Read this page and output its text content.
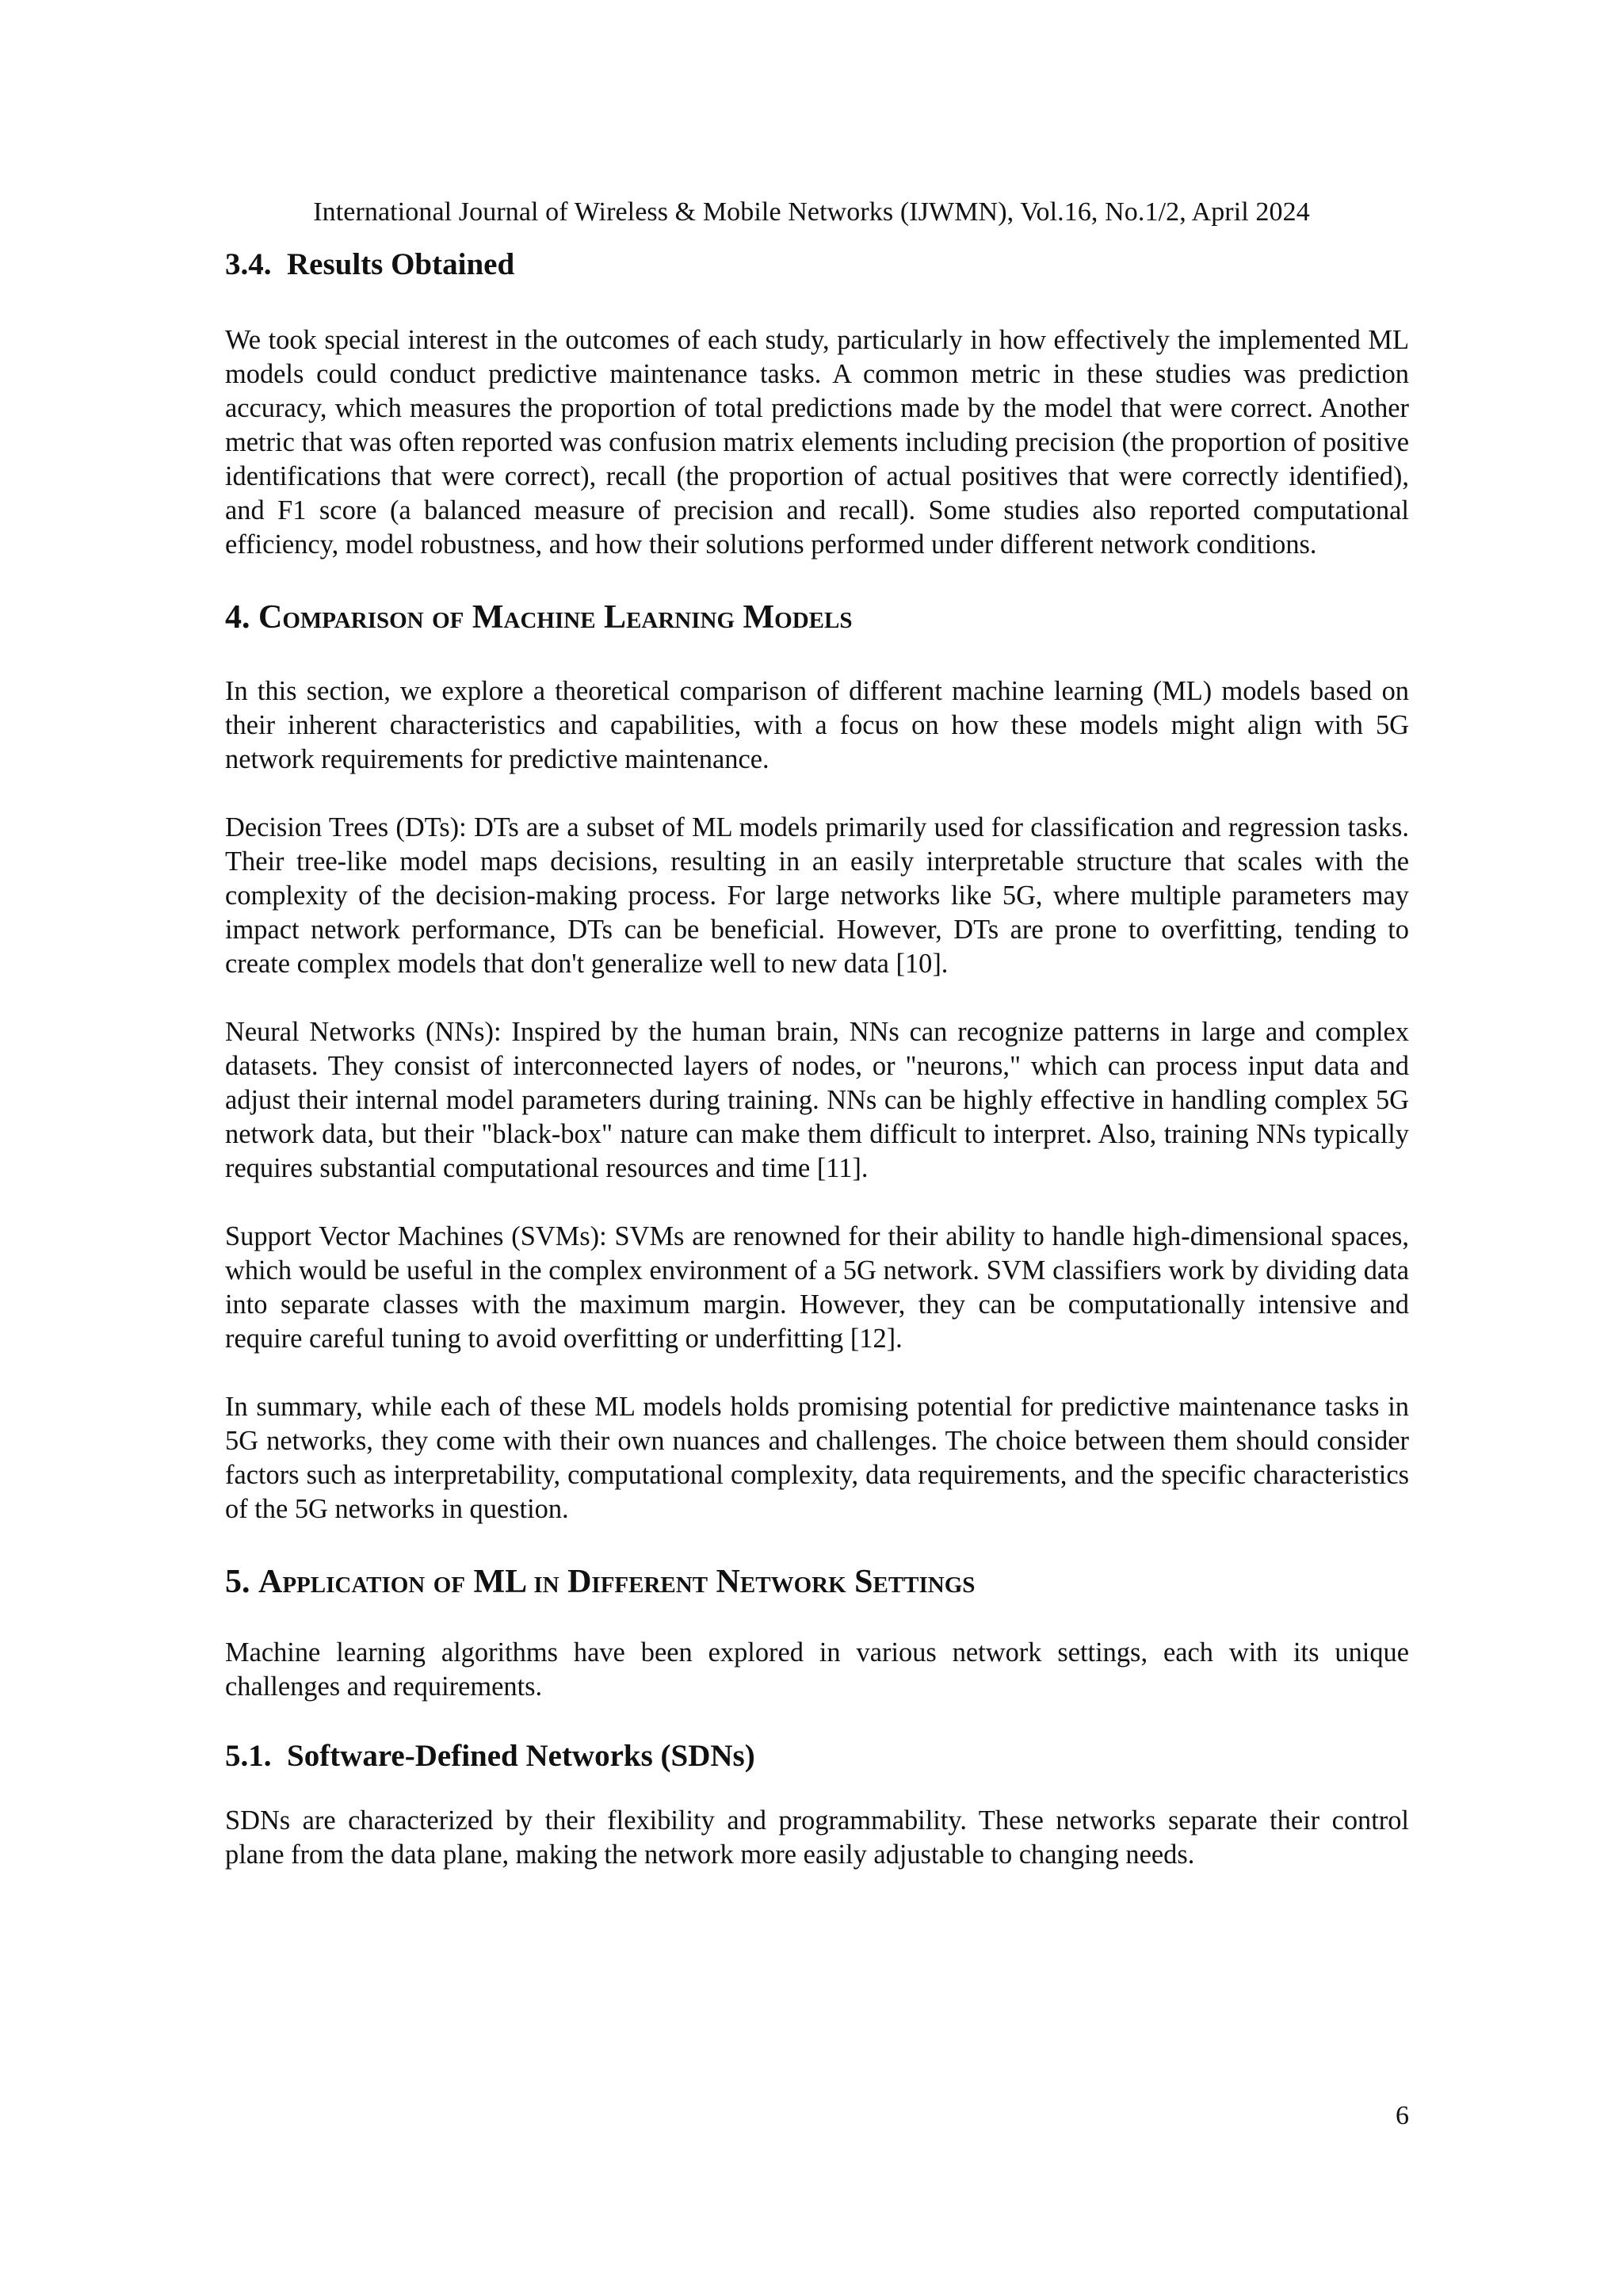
International Journal of Wireless & Mobile Networks (IJWMN), Vol.16, No.1/2, April 2024
3.4. Results Obtained

We took special interest in the outcomes of each study, particularly in how effectively the implemented ML models could conduct predictive maintenance tasks. A common metric in these studies was prediction accuracy, which measures the proportion of total predictions made by the model that were correct. Another metric that was often reported was confusion matrix elements including precision (the proportion of positive identifications that were correct), recall (the proportion of actual positives that were correctly identified), and F1 score (a balanced measure of precision and recall). Some studies also reported computational efficiency, model robustness, and how their solutions performed under different network conditions.

4. Comparison of Machine Learning Models

In this section, we explore a theoretical comparison of different machine learning (ML) models based on their inherent characteristics and capabilities, with a focus on how these models might align with 5G network requirements for predictive maintenance.

Decision Trees (DTs): DTs are a subset of ML models primarily used for classification and regression tasks. Their tree-like model maps decisions, resulting in an easily interpretable structure that scales with the complexity of the decision-making process. For large networks like 5G, where multiple parameters may impact network performance, DTs can be beneficial. However, DTs are prone to overfitting, tending to create complex models that don't generalize well to new data [10].

Neural Networks (NNs): Inspired by the human brain, NNs can recognize patterns in large and complex datasets. They consist of interconnected layers of nodes, or "neurons," which can process input data and adjust their internal model parameters during training. NNs can be highly effective in handling complex 5G network data, but their "black-box" nature can make them difficult to interpret. Also, training NNs typically requires substantial computational resources and time [11].

Support Vector Machines (SVMs): SVMs are renowned for their ability to handle high-dimensional spaces, which would be useful in the complex environment of a 5G network. SVM classifiers work by dividing data into separate classes with the maximum margin. However, they can be computationally intensive and require careful tuning to avoid overfitting or underfitting [12].

In summary, while each of these ML models holds promising potential for predictive maintenance tasks in 5G networks, they come with their own nuances and challenges. The choice between them should consider factors such as interpretability, computational complexity, data requirements, and the specific characteristics of the 5G networks in question.

5. Application of ML in Different Network Settings

Machine learning algorithms have been explored in various network settings, each with its unique challenges and requirements.

5.1. Software-Defined Networks (SDNs)

SDNs are characterized by their flexibility and programmability. These networks separate their control plane from the data plane, making the network more easily adjustable to changing needs.

6
